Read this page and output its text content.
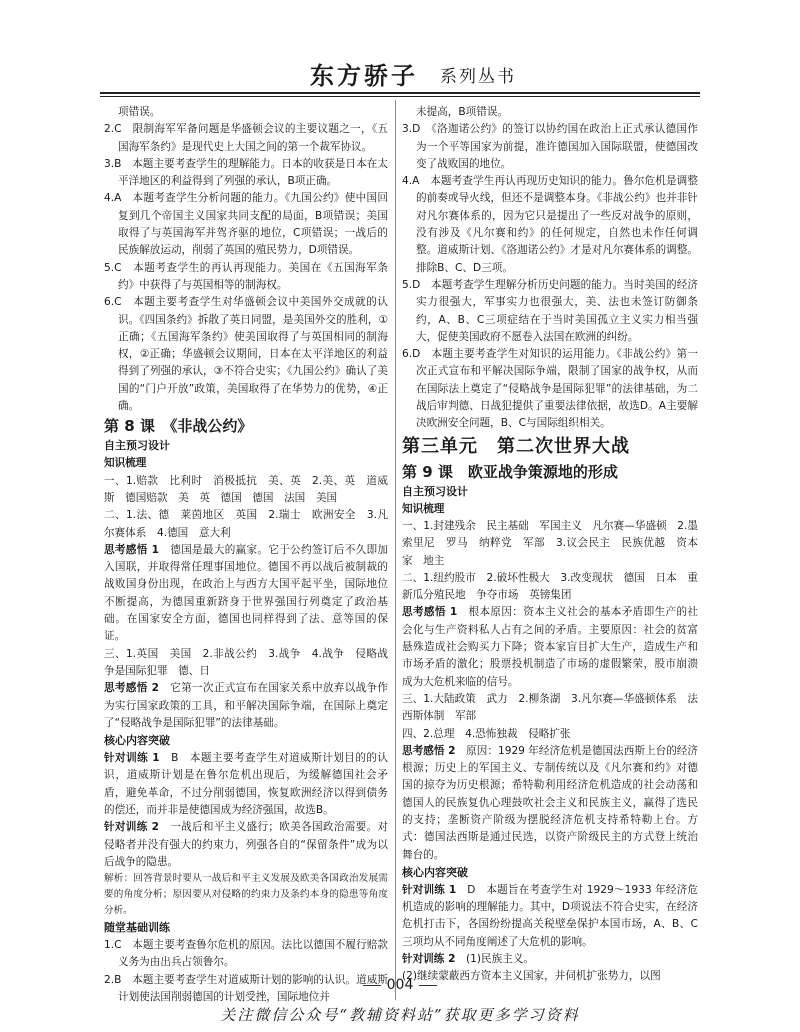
东方骄子 系列丛书

项错误。

2.C　限制海军军备问题是华盛顿会议的主要议题之一，《五国海军条约》是现代史上大国之间的第一个裁军协议。

3.B　本题主要考查学生的理解能力。日本的收获是日本在太平洋地区的利益得到了列强的承认，B项正确。

4.A　本题考查学生分析问题的能力。《九国公约》使中国回复到几个帝国主义国家共同支配的局面，B项错误；美国取得了与英国海军并驾齐驱的地位，C项错误；一战后的民族解放运动，削弱了英国的殖民势力，D项错误。

5.C　本题考查学生的再认再现能力。美国在《五国海军条约》中获得了与英国相等的制海权。

6.C　本题主要考查学生对华盛顿会议中美国外交成就的认识。《四国条约》拆散了英日同盟，是美国外交的胜利，①正确；《五国海军条约》使美国取得了与英国相同的制海权，②正确；华盛顿会议期间，日本在太平洋地区的利益得到了列强的承认，③不符合史实；《九国公约》确认了美国的“门户开放”政策，美国取得了在华势力的优势，④正确。

第 8 课　《非战公约》

自主预习设计

知识梳理

一、1.赔款　比利时　消极抵抗　美、英　2.美、英　道威斯　德国赔款　美　英　德国　德国　法国　美国

二、1.法、德　莱茵地区　英国　2.瑞士　欧洲安全　3.凡尔赛体系　4.德国　意大利

思考感悟 1　德国是最大的赢家。它于公约签订后不久即加入国联，并取得常任理事国地位。德国不再以战后被制裁的战败国身份出现，在政治上与西方大国平起平坐，国际地位不断提高，为德国重新跻身于世界强国行列奠定了政治基础。在国家安全方面，德国也同样得到了法、意等国的保证。

三、1.英国　美国　2.非战公约　3.战争　4.战争　侵略战争是国际犯罪　德、日

思考感悟 2　它第一次正式宣布在国家关系中放弃以战争作为实行国家政策的工具，和平解决国际争端，在国际上奠定了“侵略战争是国际犯罪”的法律基础。

核心内容突破

针对训练 1　B　本题主要考查学生对道威斯计划目的的认识，道威斯计划是在鲁尔危机出现后，为缓解德国社会矛盾，避免革命，不过分削弱德国，恢复欧洲经济以得到债务的偿还，而并非是使德国成为经济强国，故选B。

针对训练 2　一战后和平主义盛行；欧美各国政治需要。对侵略者并没有强大的约束力，列强各自的“保留条件”成为以后战争的隐患。

解析：回答背景时要从一战后和平主义发展及欧美各国政治发展需要的角度分析；原因要从对侵略的约束力及条约本身的隐患等角度分析。

随堂基础训练

1.C　本题主要考查鲁尔危机的原因。法比以德国不履行赔款义务为由出兵占领鲁尔。

2.B　本题主要考查学生对道威斯计划的影响的认识。道威斯计划使法国削弱德国的计划受挫，国际地位并

未提高，B项错误。

3.D　《洛迦诺公约》的签订以协约国在政治上正式承认德国作为一个平等国家为前提，准许德国加入国际联盟，使德国改变了战败国的地位。

4.A　本题考查学生再认再现历史知识的能力。鲁尔危机是调整的前奏或导火线，但还不是调整本身。《非战公约》也并非针对凡尔赛体系的，因为它只是提出了一些反对战争的原则，没有涉及《凡尔赛和约》的任何规定，自然也未作任何调整。道威斯计划、《洛迦诺公约》才是对凡尔赛体系的调整。排除B、C、D三项。

5.D　本题考查学生理解分析历史问题的能力。当时美国的经济实力很强大，军事实力也很强大，美、法也未签订防御条约，A、B、C三项症结在于当时美国孤立主义实力相当强大，促使美国政府不愿卷入法国在欧洲的纠纷。

6.D　本题主要考查学生对知识的运用能力。《非战公约》第一次正式宣布和平解决国际争端，限制了国家的战争权，从而在国际法上奠定了“侵略战争是国际犯罪”的法律基础，为二战后审判德、日战犯提供了重要法律依据，故选D。A主要解决欧洲安全问题，B、C与国际组织相关。

第三单元　第二次世界大战

第 9 课　欧亚战争策源地的形成

自主预习设计

知识梳理

一、1.封建残余　民主基础　军国主义　凡尔赛—华盛顿　2.墨索里尼　罗马　纳粹党　军部　3.议会民主　民族优越　资本家　地主

二、1.纽约股市　2.破坏性极大　3.改变现状　德国　日本　重新瓜分殖民地　争夺市场　英镑集团

思考感悟 1　根本原因：资本主义社会的基本矛盾即生产的社会化与生产资料私人占有之间的矛盾。主要原因：社会的贫富悬殊造成社会购买力下降；资本家盲目扩大生产，造成生产和市场矛盾的激化；股票投机制造了市场的虚假繁荣，股市崩溃成为大危机来临的信号。

三、1.大陆政策　武力　2.柳条湖　3.凡尔赛—华盛顿体系　法西斯体制　军部

四、2.总理　4.恐怖独裁　侵略扩张

思考感悟 2　原因：1929 年经济危机是德国法西斯上台的经济根源；历史上的军国主义、专制传统以及《凡尔赛和约》对德国的掠夺为历史根源；希特勒利用经济危机造成的社会动荡和德国人的民族复仇心理鼓吹社会主义和民族主义，赢得了选民的支持；垄断资产阶级为摆脱经济危机支持希特勒上台。方式：德国法西斯是通过民选，以资产阶级民主的方式登上统治舞台的。

核心内容突破

针对训练 1　D　本题旨在考查学生对 1929～1933 年经济危机造成的影响的理解能力。其中，D项说法不符合史实，在经济危机打击下，各国纷纷提高关税壁垒保护本国市场，A、B、C三项均从不同角度阐述了大危机的影响。

针对训练 2　(1)民族主义。

(2)继续蒙蔽西方资本主义国家，并伺机扩张势力，以图

004
关注微信公众号“教辅资料站”获取更多学习资料
